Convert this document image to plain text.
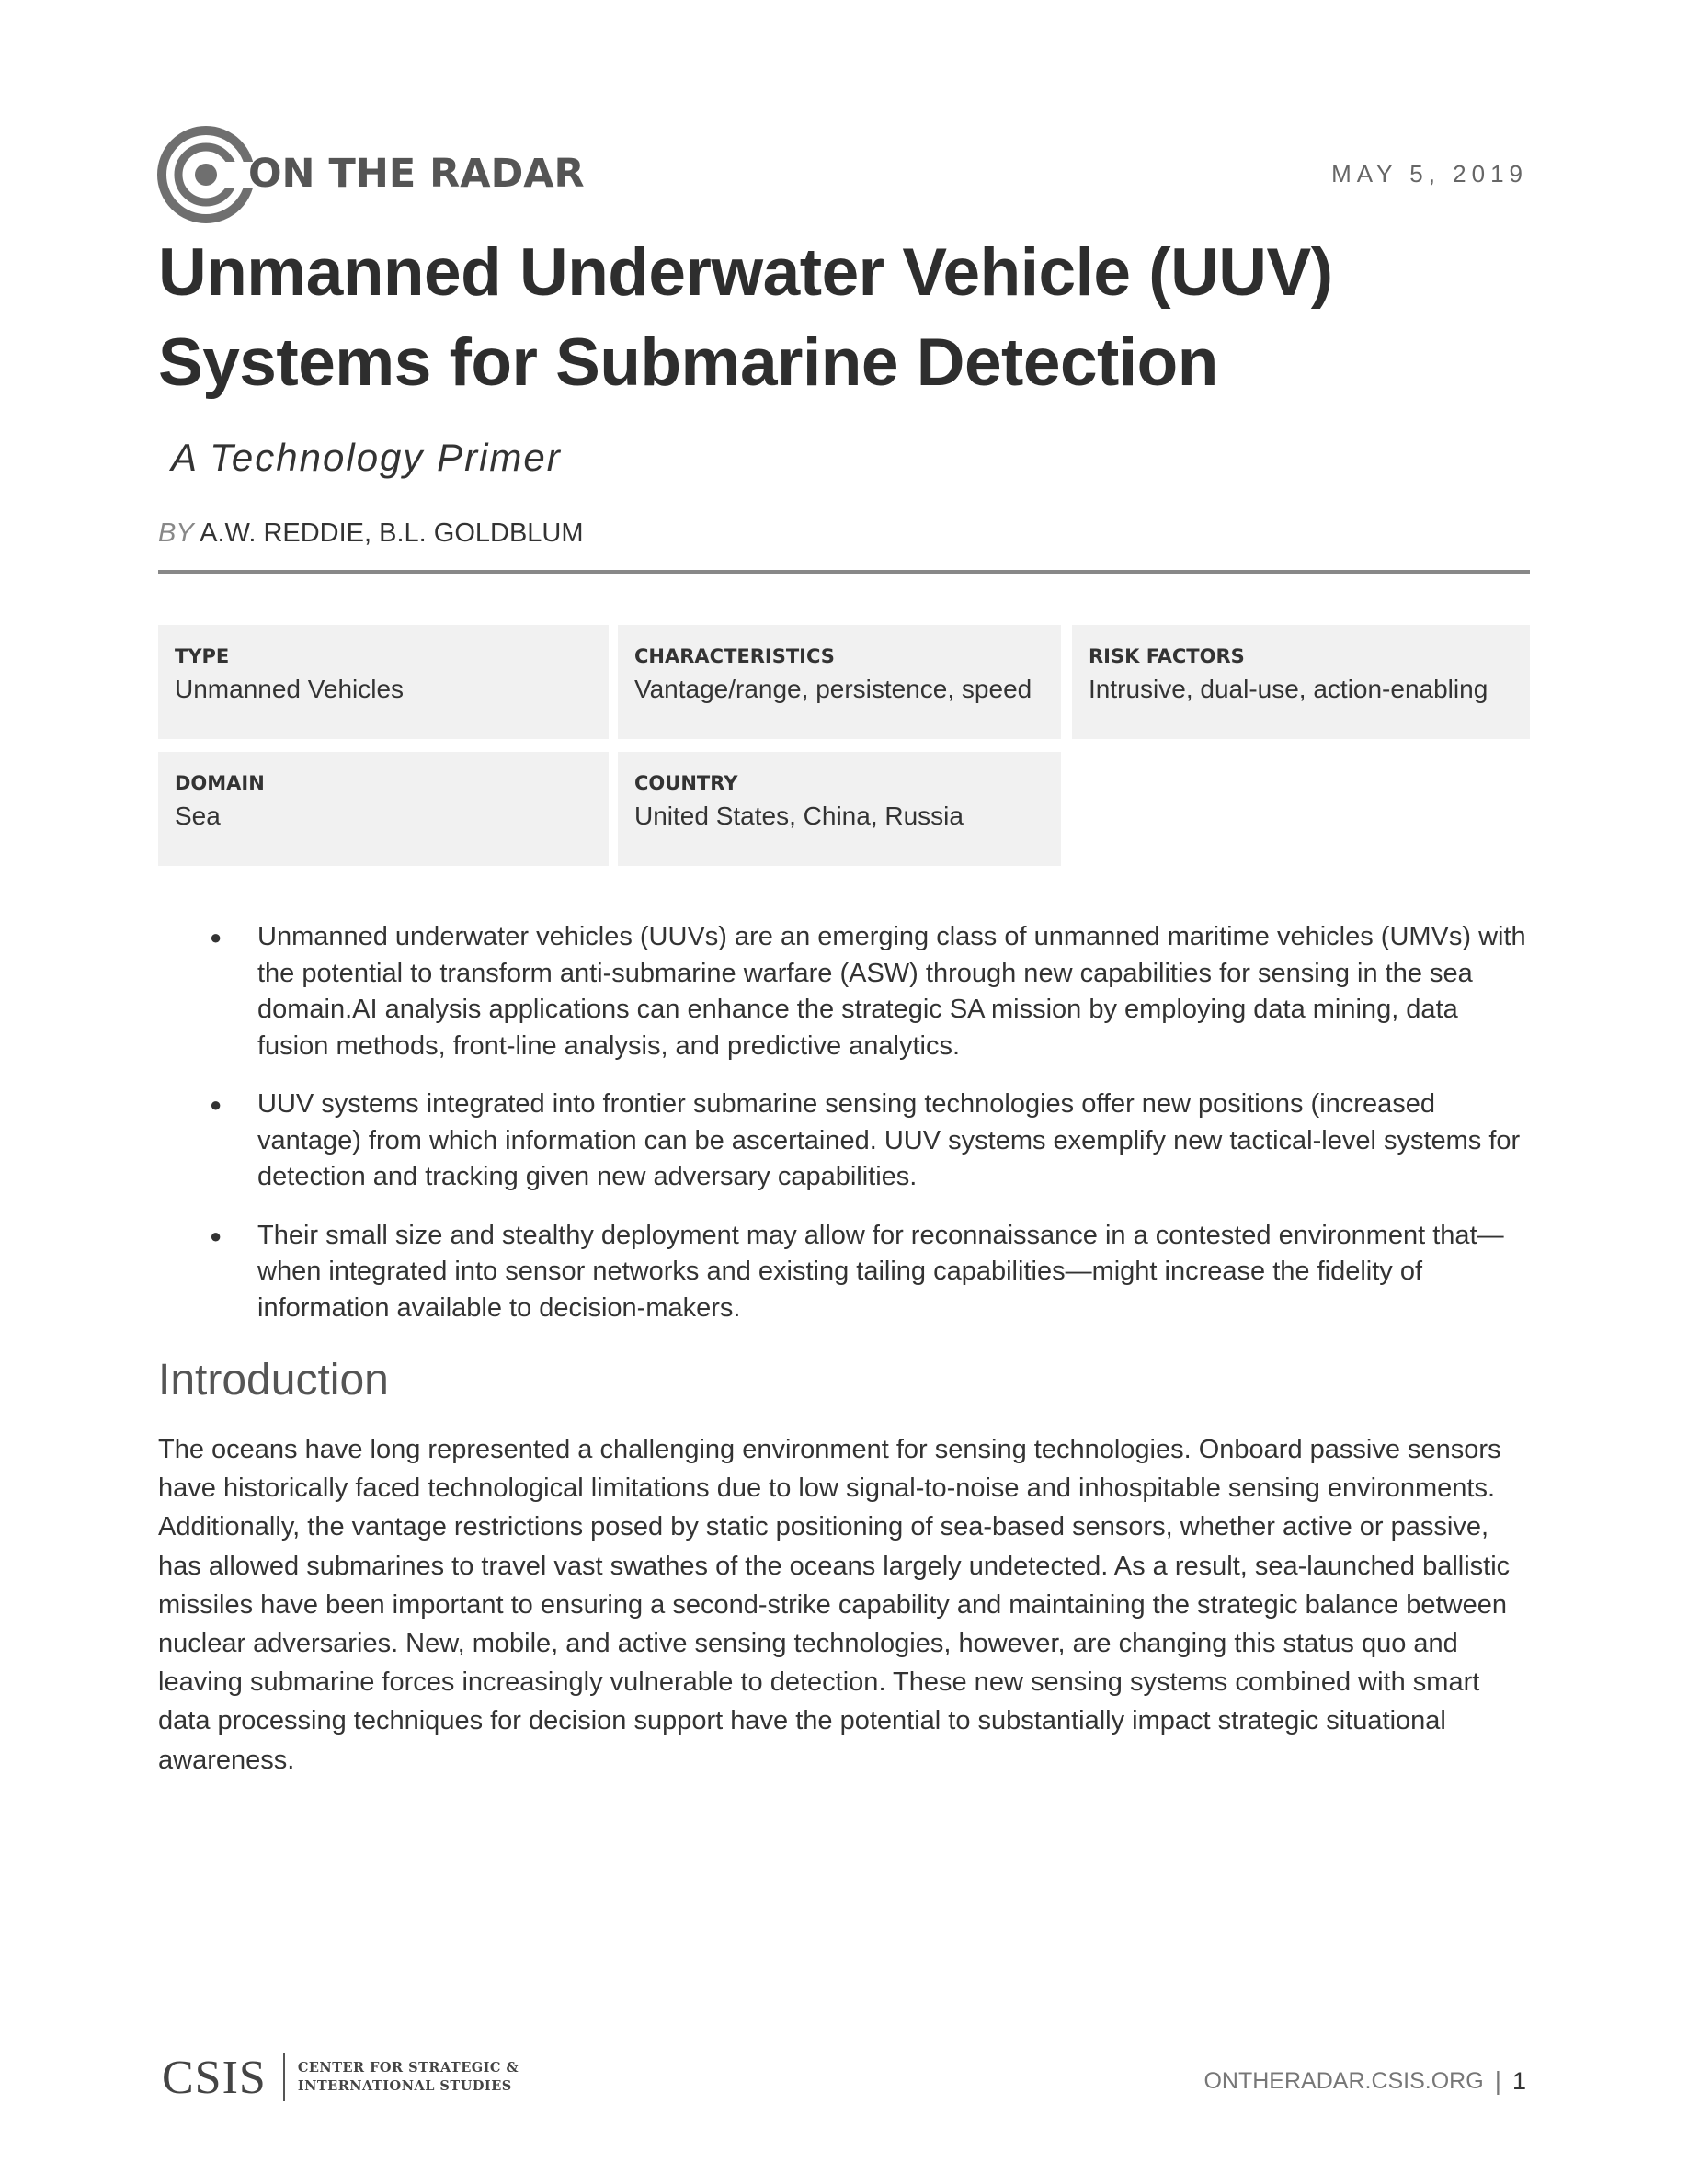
ON THE RADAR	MAY 5, 2019
Unmanned Underwater Vehicle (UUV)
Systems for Submarine Detection
A Technology Primer
BY A.W. REDDIE, B.L. GOLDBLUM
TYPE
Unmanned Vehicles
CHARACTERISTICS
Vantage/range, persistence, speed
RISK FACTORS
Intrusive, dual-use, action-enabling
DOMAIN
Sea
COUNTRY
United States, China, Russia
● Unmanned underwater vehicles (UUVs) are an emerging class of unmanned maritime vehicles (UMVs) with the potential to transform anti-submarine warfare (ASW) through new capabilities for sensing in the sea domain.AI analysis applications can enhance the strategic SA mission by employing data mining, data fusion methods, front-line analysis, and predictive analytics.
● UUV systems integrated into frontier submarine sensing technologies offer new positions (increased vantage) from which information can be ascertained. UUV systems exemplify new tactical-level systems for detection and tracking given new adversary capabilities.
● Their small size and stealthy deployment may allow for reconnaissance in a contested environment that—when integrated into sensor networks and existing tailing capabilities—might increase the fidelity of information available to decision-makers.
Introduction

The oceans have long represented a challenging environment for sensing technologies. Onboard passive sensors have historically faced technological limitations due to low signal-to-noise and inhospitable sensing environments. Additionally, the vantage restrictions posed by static positioning of sea-based sensors, whether active or passive, has allowed submarines to travel vast swathes of the oceans largely undetected. As a result, sea-launched ballistic missiles have been important to ensuring a second-strike capability and maintaining the strategic balance between nuclear adversaries. New, mobile, and active sensing technologies, however, are changing this status quo and leaving submarine forces increasingly vulnerable to detection. These new sensing systems combined with smart data processing techniques for decision support have the potential to substantially impact strategic situational awareness.

CSIS CENTER FOR STRATEGIC &
INTERNATIONAL STUDIES	ONTHERADAR.CSIS.ORG | 1
